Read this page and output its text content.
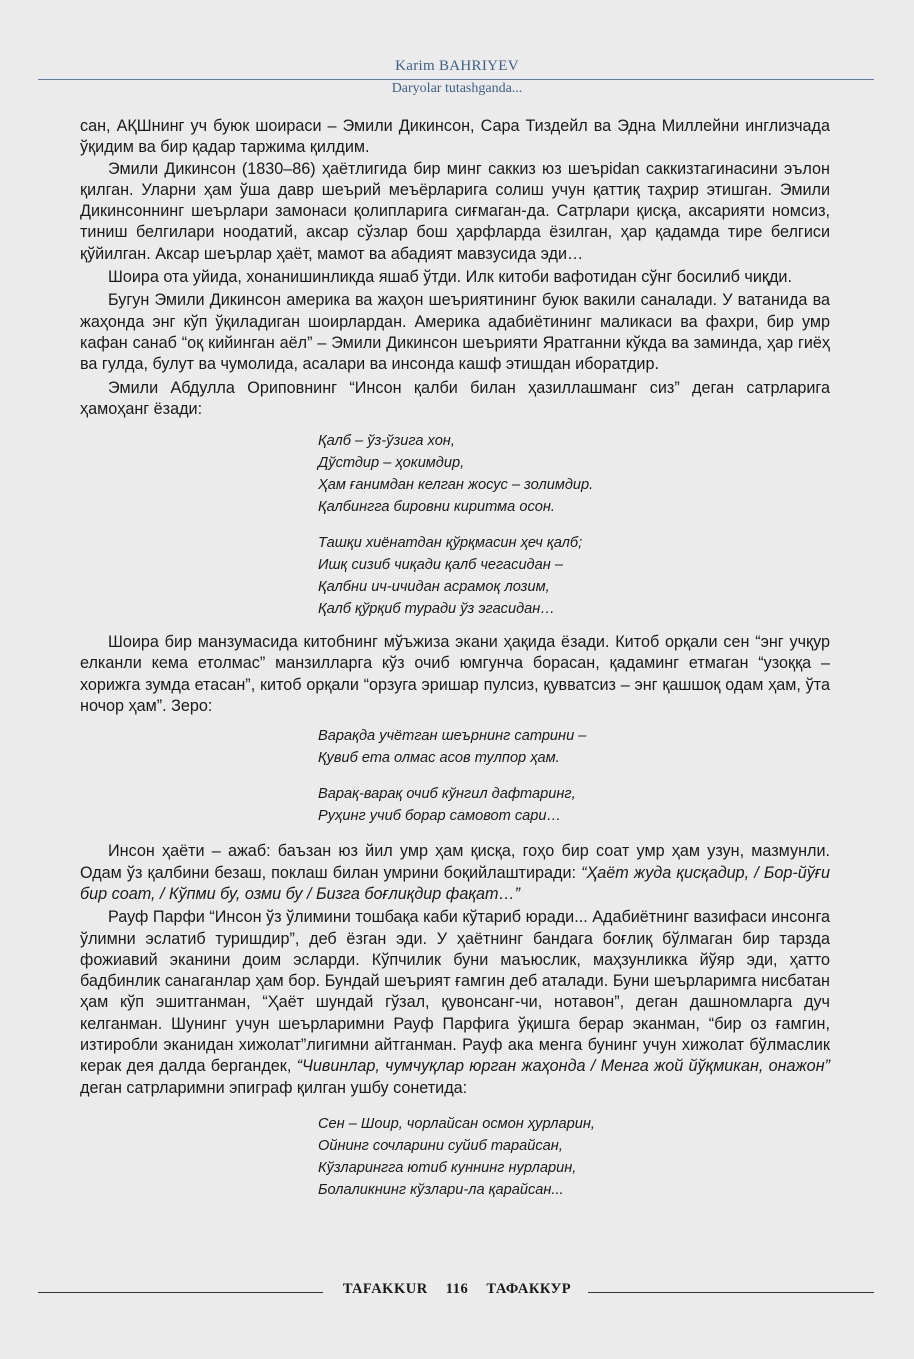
Karim BAHRIYEV
Daryolar tutashganda...

сан, АҚШнинг уч буюк шоираси – Эмили Дикинсон, Сара Тиздейл ва Эдна Миллейни инглизчада ўқидим ва бир қадар таржима қилдим.

Эмили Дикинсон (1830–86) ҳаётлигида бир минг саккиз юз шеърidan саккизтагинасини эълон қилган. Уларни ҳам ўша давр шеърий меъёрларига солиш учун қаттиқ таҳрир этишган. Эмили Дикинсоннинг шеърлари замонаси қолипларига сиғмаган-да. Сатрлари қисқа, аксарияти номсиз, тиниш белгилари ноодатий, аксар сўзлар бош ҳарфларда ёзилган, ҳар қадамда тире белгиси қўйилган. Аксар шеърлар ҳаёт, мамот ва абадият мавзусида эди…

Шоира ота уйида, хонанишинликда яшаб ўтди. Илк китоби вафотидан сўнг босилиб чиқди.

Бугун Эмили Дикинсон америка ва жаҳон шеъриятининг буюк вакили саналади. У ватанида ва жаҳонда энг кўп ўқиладиган шоирлардан. Америка адабиётининг маликаси ва фахри, бир умр кафан санаб “оқ кийинган аёл” – Эмили Дикинсон шеърияти Яратганни кўкда ва заминда, ҳар гиёҳ ва гулда, булут ва чумолида, асалари ва инсонда кашф этишдан иборатдир.

Эмили Абдулла Ориповнинг “Инсон қалби билан ҳазиллашманг сиз” деган сатрларига ҳамоҳанг ёзади:

Қалб – ўз-ўзига хон,
Дўстдир – ҳокимдир,
Ҳам ғанимдан келган жосус – золимдир.
Қалбингга бировни киритма осон.
Ташқи хиёнатдан қўрқмасин ҳеч қалб;
Ишқ сизиб чиқади қалб чегасидан –
Қалбни ич-ичидан асрамоқ лозим,
Қалб қўрқиб туради ўз эгасидан…

Шоира бир манзумасида китобнинг мўъжиза экани ҳақида ёзади. Китоб орқали сен “энг учқур елканли кема етолмас” манзилларга кўз очиб юмгунча борасан, қадаминг етмаган “узоққа – хорижга зумда етасан”, китоб орқали “орзуга эришар пулсиз, қувватсиз – энг қашшоқ одам ҳам, ўта ночор ҳам”. Зеро:

Варақда учётган шеърнинг сатрини –
Қувиб ета олмас асов тулпор ҳам.
Варақ-варақ очиб кўнгил дафтаринг,
Руҳинг учиб борар самовот сари…

Инсон ҳаёти – ажаб: баъзан юз йил умр ҳам қисқа, гоҳо бир соат умр ҳам узун, мазмунли. Одам ўз қалбини безаш, поклаш билан умрини боқийлаштиради: “Ҳаёт жуда қисқадир, / Бор-йўғи бир соат, / Кўпми бу, озми бу / Бизга боғлиқдир фақат…”

Рауф Парфи “Инсон ўз ўлимини тошбақа каби кўтариб юради... Адабиётнинг вазифаси инсонга ўлимни эслатиб туришдир”, деб ёзган эди. У ҳаётнинг бандага боғлиқ бўлмаган бир тарзда фожиавий эканини доим эсларди. Кўпчилик буни маъюслик, маҳзунликка йўяр эди, ҳатто бадбинлик санаганлар ҳам бор. Бундай шеърият ғамгин деб аталади. Буни шеърларимга нисбатан ҳам кўп эшитганман, “Ҳаёт шундай гўзал, қувонсанг-чи, нотавон”, деган дашномларга дуч келганман. Шунинг учун шеърларимни Рауф Парфига ўқишга берар эканман, “бир оз ғамгин, изтиробли эканидан хижолат”лигимни айтганман. Рауф ака менга бунинг учун хижолат бўлмаслик керак дея далда бергандек, “Чивинлар, чумчуқлар юрган жаҳонда / Менга жой йўқмикан, онажон” деган сатрларимни эпиграф қилган ушбу сонетида:

Сен – Шоир, чорлайсан осмон ҳурларин,
Ойнинг сочларини суйиб тарайсан,
Кўзларингга ютиб куннинг нурларин,
Болаликнинг кўзлари-ла қарайсан...
TAFAKKUR 116 ТАФАККУР
